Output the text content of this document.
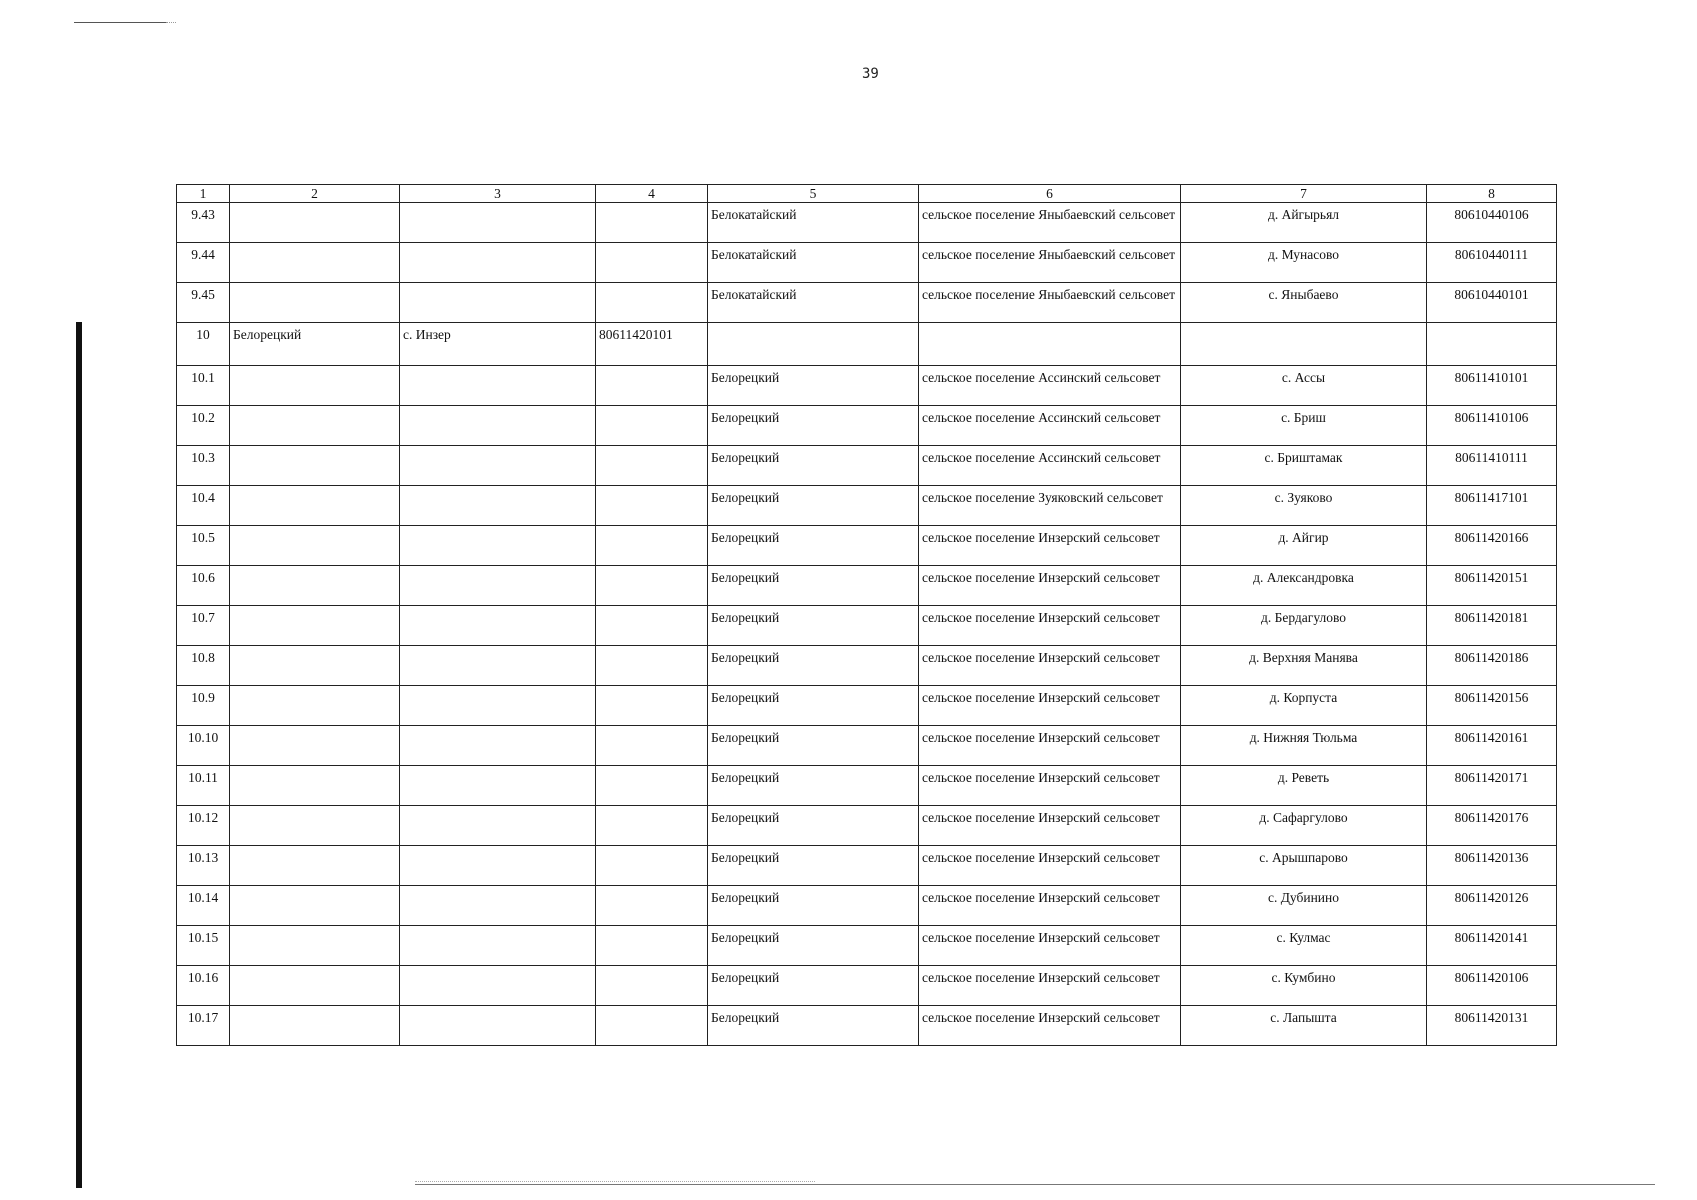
39
1	2	3	4	5	6	7	8
9.43				Белокатайский	сельское поселение Яныбаевский сельсовет	д. Айгырьял	80610440106
9.44				Белокатайский	сельское поселение Яныбаевский сельсовет	д. Мунасово	80610440111
9.45				Белокатайский	сельское поселение Яныбаевский сельсовет	с. Яныбаево	80610440101
10	Белорецкий	с. Инзер	80611420101				
10.1				Белорецкий	сельское поселение Ассинский сельсовет	с. Ассы	80611410101
10.2				Белорецкий	сельское поселение Ассинский сельсовет	с. Бриш	80611410106
10.3				Белорецкий	сельское поселение Ассинский сельсовет	с. Бриштамак	80611410111
10.4				Белорецкий	сельское поселение Зуяковский сельсовет	с. Зуяково	80611417101
10.5				Белорецкий	сельское поселение Инзерский сельсовет	д. Айгир	80611420166
10.6				Белорецкий	сельское поселение Инзерский сельсовет	д. Александровка	80611420151
10.7				Белорецкий	сельское поселение Инзерский сельсовет	д. Бердагулово	80611420181
10.8				Белорецкий	сельское поселение Инзерский сельсовет	д. Верхняя Манява	80611420186
10.9				Белорецкий	сельское поселение Инзерский сельсовет	д. Корпуста	80611420156
10.10				Белорецкий	сельское поселение Инзерский сельсовет	д. Нижняя Тюльма	80611420161
10.11				Белорецкий	сельское поселение Инзерский сельсовет	д. Реветь	80611420171
10.12				Белорецкий	сельское поселение Инзерский сельсовет	д. Сафаргулово	80611420176
10.13				Белорецкий	сельское поселение Инзерский сельсовет	с. Арышпарово	80611420136
10.14				Белорецкий	сельское поселение Инзерский сельсовет	с. Дубинино	80611420126
10.15				Белорецкий	сельское поселение Инзерский сельсовет	с. Кулмас	80611420141
10.16				Белорецкий	сельское поселение Инзерский сельсовет	с. Кумбино	80611420106
10.17				Белорецкий	сельское поселение Инзерский сельсовет	с. Лапышта	80611420131
